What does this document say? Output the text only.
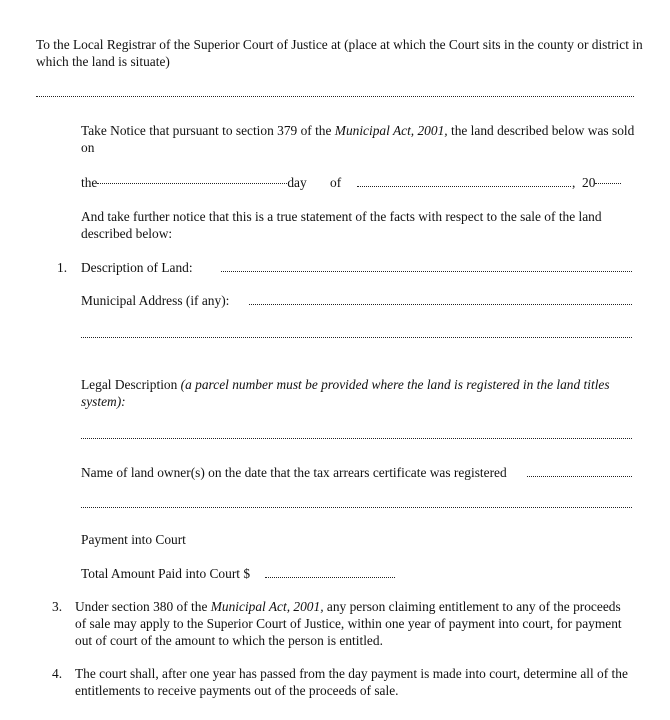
To the Local Registrar of the Superior Court of Justice at (place at which the Court sits in the county or district in which the land is situate)
Take Notice that pursuant to section 379 of the Municipal Act, 2001, the land described below was sold on
the	day of	,  20
And take further notice that this is a true statement of the facts with respect to the sale of the land described below:
1. Description of Land:
Municipal Address (if any):
Legal Description (a parcel number must be provided where the land is registered in the land titles system):
Name of land owner(s) on the date that the tax arrears certificate was registered
Payment into Court
Total Amount Paid into Court $
3. Under section 380 of the Municipal Act, 2001, any person claiming entitlement to any of the proceeds of sale may apply to the Superior Court of Justice, within one year of payment into court, for payment out of court of the amount to which the person is entitled.
4. The court shall, after one year has passed from the day payment is made into court, determine all of the entitlements to receive payments out of the proceeds of sale.
